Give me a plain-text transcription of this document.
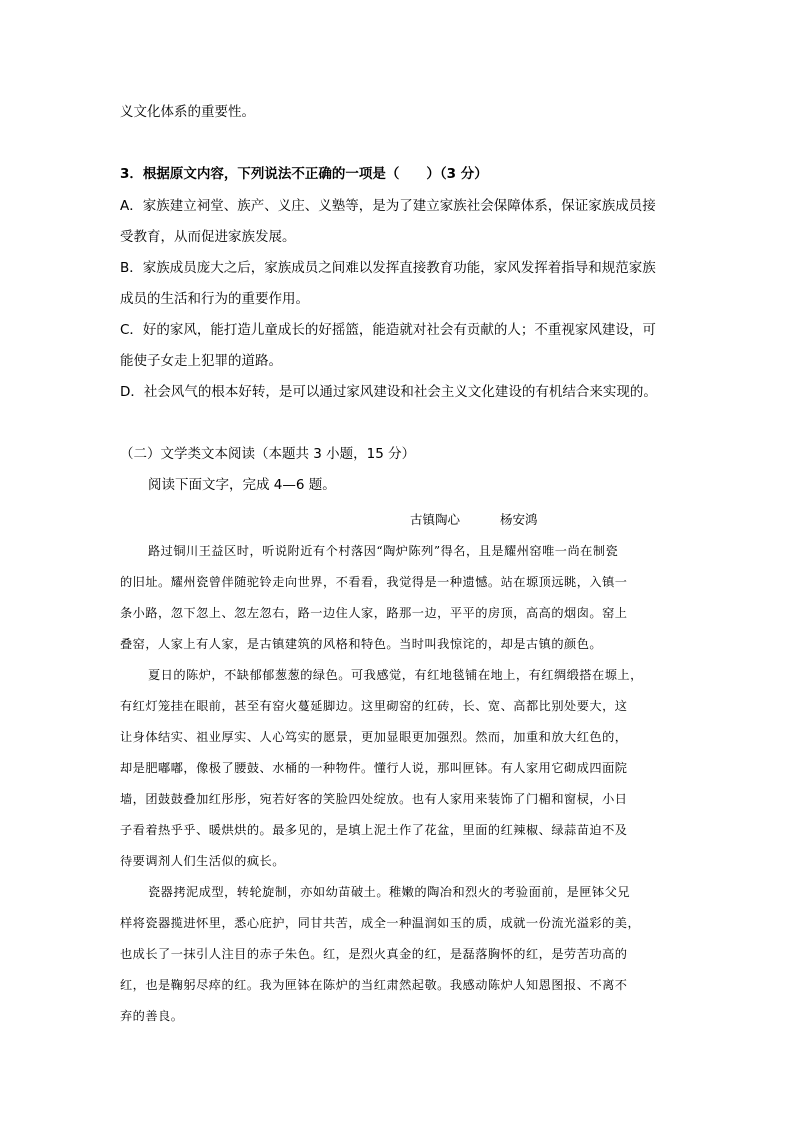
义文化体系的重要性。
3．根据原文内容，下列说法不正确的一项是（　　）（3 分）
A．家族建立祠堂、族产、义庄、义塾等，是为了建立家族社会保障体系，保证家族成员接
受教育，从而促进家族发展。
B．家族成员庞大之后，家族成员之间难以发挥直接教育功能，家风发挥着指导和规范家族
成员的生活和行为的重要作用。
C．好的家风，能打造儿童成长的好摇篮，能造就对社会有贡献的人；不重视家风建设，可
能使子女走上犯罪的道路。
D．社会风气的根本好转，是可以通过家风建设和社会主义文化建设的有机结合来实现的。
（二）文学类文本阅读（本题共 3 小题，15 分）
阅读下面文字，完成 4—6 题。
古镇陶心	杨安鸿
路过铜川王益区时，听说附近有个村落因“陶炉陈列”得名，且是耀州窑唯一尚在制瓷
的旧址。耀州瓷曾伴随驼铃走向世界，不看看，我觉得是一种遗憾。站在塬顶远眺，入镇一
条小路，忽下忽上、忽左忽右，路一边住人家，路那一边，平平的房顶，高高的烟囱。窑上
叠窑，人家上有人家，是古镇建筑的风格和特色。当时叫我惊诧的，却是古镇的颜色。
夏日的陈炉，不缺郁郁葱葱的绿色。可我感觉，有红地毯铺在地上，有红绸缎搭在塬上，
有红灯笼挂在眼前，甚至有窑火蔓延脚边。这里砌窑的红砖，长、宽、高都比别处要大，这
让身体结实、祖业厚实、人心笃实的愿景，更加显眼更加强烈。然而，加重和放大红色的，
却是肥嘟嘟，像极了腰鼓、水桶的一种物件。懂行人说，那叫匣钵。有人家用它砌成四面院
墙，团鼓鼓叠加红彤彤，宛若好客的笑脸四处绽放。也有人家用来装饰了门楣和窗棂，小日
子看着热乎乎、暖烘烘的。最多见的，是填上泥土作了花盆，里面的红辣椒、绿蒜苗迫不及
待要调剂人们生活似的疯长。
瓷器拷泥成型，转轮旋制，亦如幼苗破土。稚嫩的陶冶和烈火的考验面前，是匣钵父兄
样将瓷器揽进怀里，悉心庇护，同甘共苦，成全一种温润如玉的质，成就一份流光溢彩的美，
也成长了一抹引人注目的赤子朱色。红，是烈火真金的红，是磊落胸怀的红，是劳苦功高的
红，也是鞠躬尽瘁的红。我为匣钵在陈炉的当红肃然起敬。我感动陈炉人知恩图报、不离不
弃的善良。
